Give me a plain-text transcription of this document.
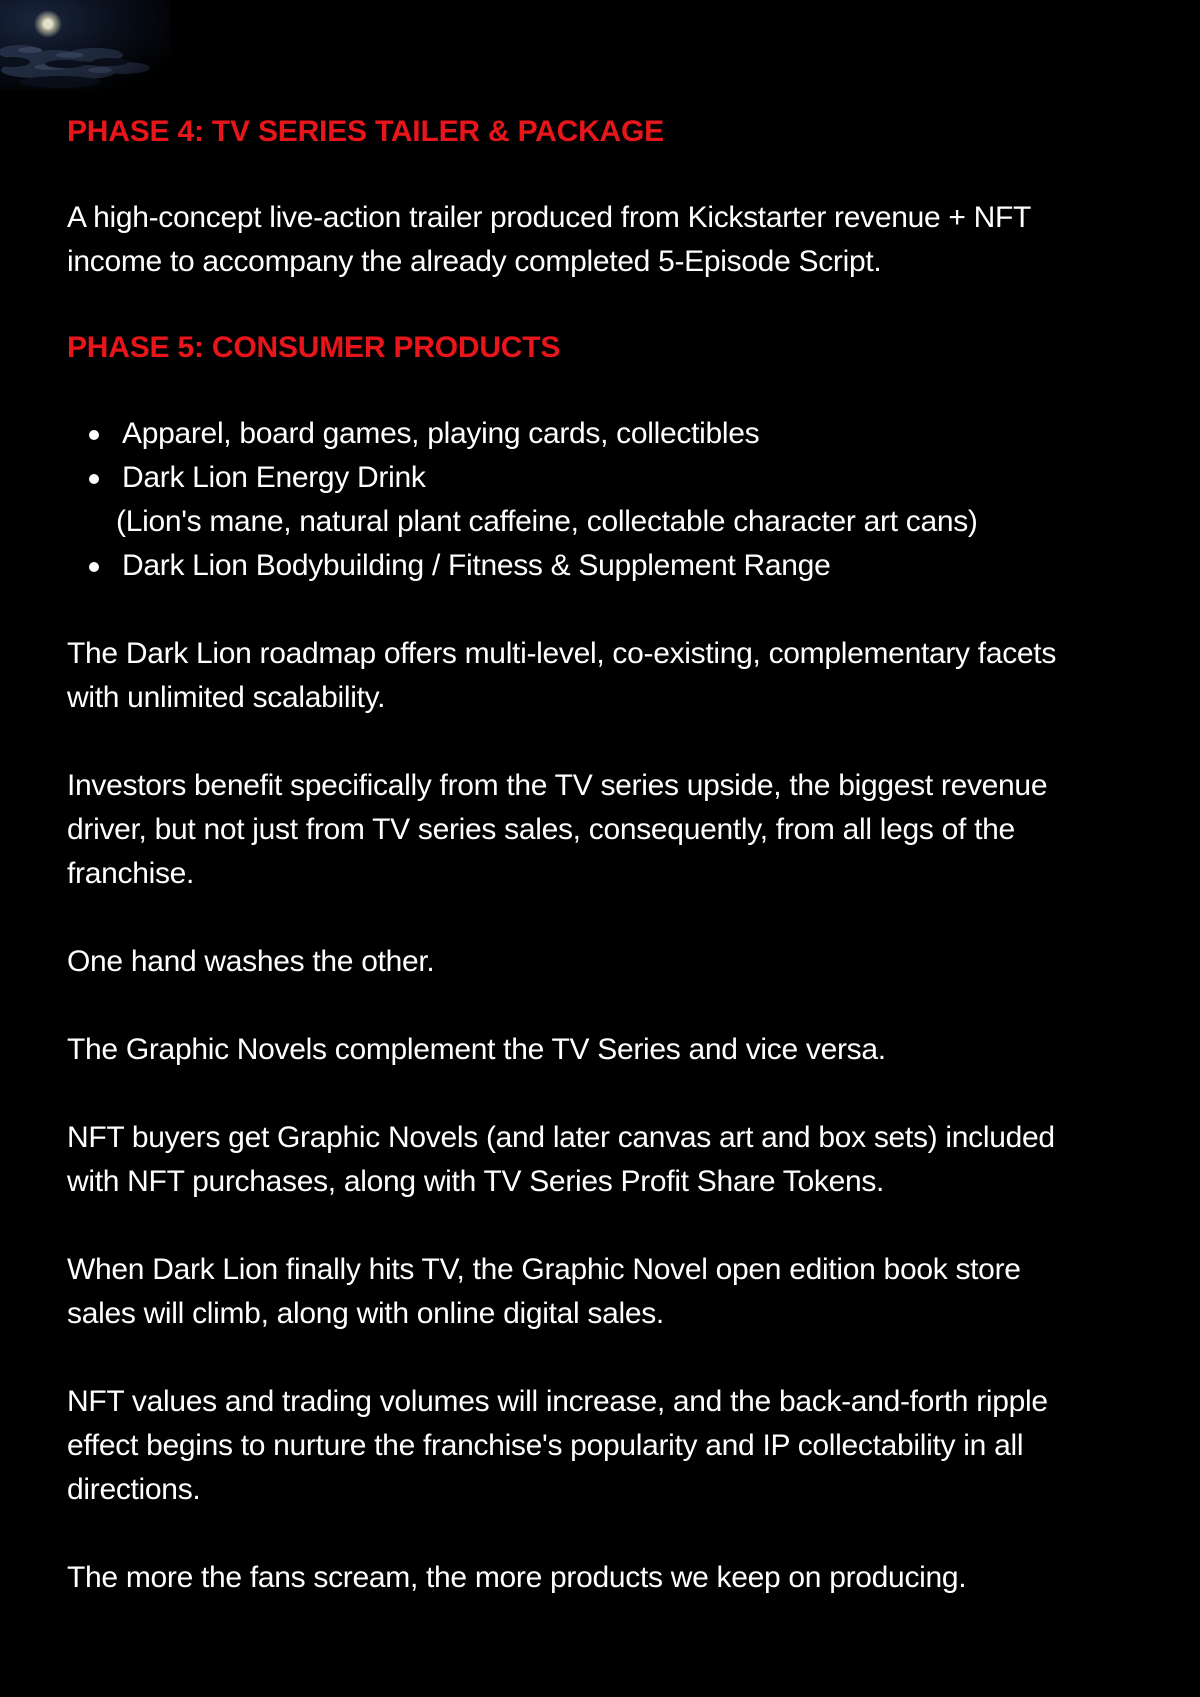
PHASE 4: TV SERIES TAILER & PACKAGE

A high-concept live-action trailer produced from Kickstarter revenue + NFT
income to accompany the already completed 5-Episode Script.

PHASE 5: CONSUMER PRODUCTS
Apparel, board games, playing cards, collectibles
Dark Lion Energy Drink
(Lion's mane, natural plant caffeine, collectable character art cans)
Dark Lion Bodybuilding / Fitness & Supplement Range

The Dark Lion roadmap offers multi-level, co-existing, complementary facets
with unlimited scalability.

Investors benefit specifically from the TV series upside, the biggest revenue
driver, but not just from TV series sales, consequently, from all legs of the
franchise.

One hand washes the other.

The Graphic Novels complement the TV Series and vice versa.

NFT buyers get Graphic Novels (and later canvas art and box sets) included
with NFT purchases, along with TV Series Profit Share Tokens.

When Dark Lion finally hits TV, the Graphic Novel open edition book store
sales will climb, along with online digital sales.

NFT values and trading volumes will increase, and the back-and-forth ripple
effect begins to nurture the franchise's popularity and IP collectability in all
directions.

The more the fans scream, the more products we keep on producing.
